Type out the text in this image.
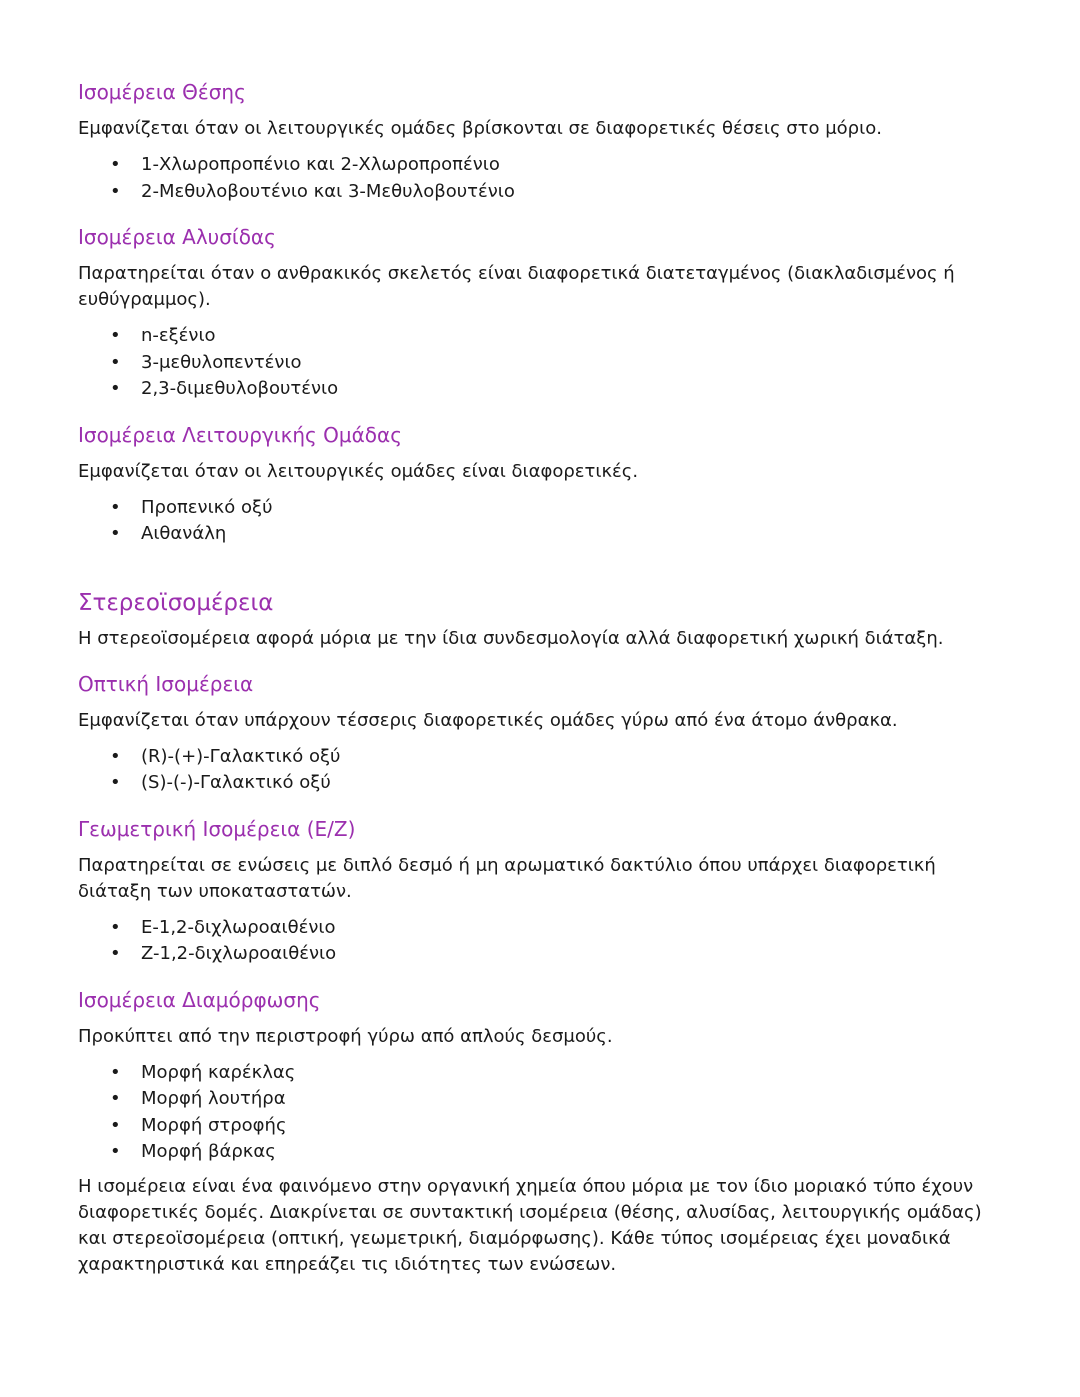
Ισομέρεια Θέσης

Εμφανίζεται όταν οι λειτουργικές ομάδες βρίσκονται σε διαφορετικές θέσεις στο μόριο.

• 1-Χλωροπροπένιο και 2-Χλωροπροπένιο
• 2-Μεθυλοβουτένιο και 3-Μεθυλοβουτένιο
Ισομέρεια Αλυσίδας

Παρατηρείται όταν ο ανθρακικός σκελετός είναι διαφορετικά διατεταγμένος (διακλαδισμένος ή ευθύγραμμος).

• n-εξένιο
• 3-μεθυλοπεντένιο
• 2,3-διμεθυλοβουτένιο
Ισομέρεια Λειτουργικής Ομάδας

Εμφανίζεται όταν οι λειτουργικές ομάδες είναι διαφορετικές.

• Προπενικό οξύ
• Αιθανάλη
Στερεοϊσομέρεια

Η στερεοϊσομέρεια αφορά μόρια με την ίδια συνδεσμολογία αλλά διαφορετική χωρική διάταξη.

Οπτική Ισομέρεια

Εμφανίζεται όταν υπάρχουν τέσσερις διαφορετικές ομάδες γύρω από ένα άτομο άνθρακα.

• (R)-(+)-Γαλακτικό οξύ
• (S)-(-)-Γαλακτικό οξύ
Γεωμετρική Ισομέρεια (E/Z)

Παρατηρείται σε ενώσεις με διπλό δεσμό ή μη αρωματικό δακτύλιο όπου υπάρχει διαφορετική διάταξη των υποκαταστατών.

• E-1,2-διχλωροαιθένιο
• Z-1,2-διχλωροαιθένιο
Ισομέρεια Διαμόρφωσης

Προκύπτει από την περιστροφή γύρω από απλούς δεσμούς.

• Μορφή καρέκλας
• Μορφή λουτήρα
• Μορφή στροφής
• Μορφή βάρκας

Η ισομέρεια είναι ένα φαινόμενο στην οργανική χημεία όπου μόρια με τον ίδιο μοριακό τύπο έχουν διαφορετικές δομές. Διακρίνεται σε συντακτική ισομέρεια (θέσης, αλυσίδας, λειτουργικής ομάδας) και στερεοϊσομέρεια (οπτική, γεωμετρική, διαμόρφωσης). Κάθε τύπος ισομέρειας έχει μοναδικά χαρακτηριστικά και επηρεάζει τις ιδιότητες των ενώσεων.
